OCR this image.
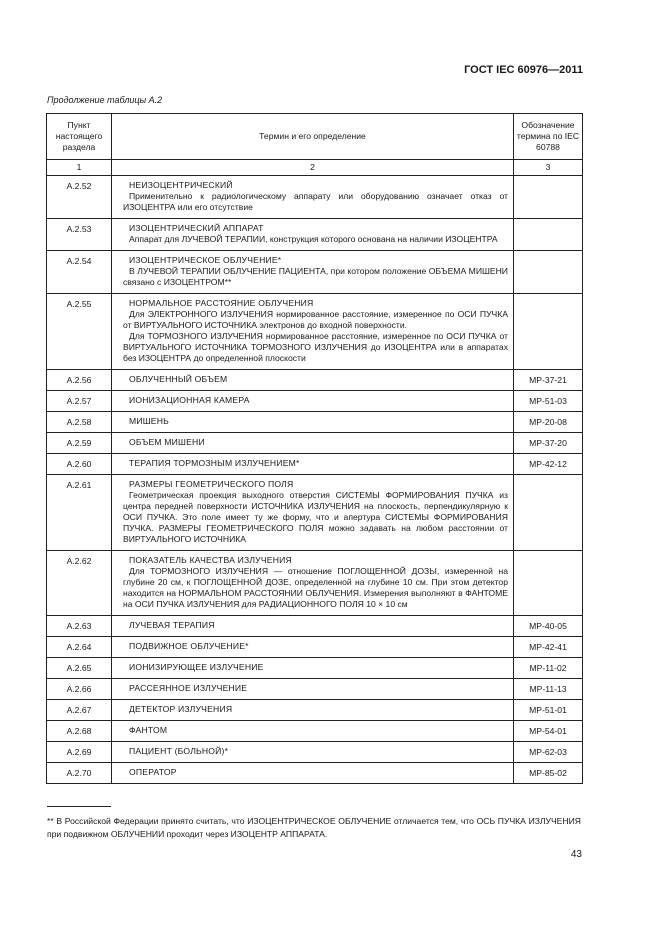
ГОСТ IEC 60976—2011
Продолжение таблицы А.2
Пункт настоящего раздела	Термин и его определение	Обозначение термина по IEC 60788
1	2	3
A.2.52	НЕИЗОЦЕНТРИЧЕСКИЙ
Применительно к радиологическому аппарату или оборудованию означает отказ от ИЗОЦЕНТРА или его отсутствие	

A.2.53	ИЗОЦЕНТРИЧЕСКИЙ АППАРАТ
Аппарат для ЛУЧЕВОЙ ТЕРАПИИ, конструкция которого основана на наличии ИЗОЦЕНТРА	

A.2.54	ИЗОЦЕНТРИЧЕСКОЕ ОБЛУЧЕНИЕ*
В ЛУЧЕВОЙ ТЕРАПИИ ОБЛУЧЕНИЕ ПАЦИЕНТА, при котором положение ОБЪЕМА МИШЕНИ связано с ИЗОЦЕНТРОМ**	

A.2.55	НОРМАЛЬНОЕ РАССТОЯНИЕ ОБЛУЧЕНИЯ
Для ЭЛЕКТРОННОГО ИЗЛУЧЕНИЯ нормированное расстояние, измеренное по ОСИ ПУЧКА от ВИРТУАЛЬНОГО ИСТОЧНИКА электронов до входной поверхности.
Для ТОРМОЗНОГО ИЗЛУЧЕНИЯ нормированное расстояние, измеренное по ОСИ ПУЧКА от ВИРТУАЛЬНОГО ИСТОЧНИКА ТОРМОЗНОГО ИЗЛУЧЕНИЯ до ИЗОЦЕНТРА или в аппаратах без ИЗОЦЕНТРА до определенной плоскости	

A.2.56	ОБЛУЧЕННЫЙ ОБЪЕМ	MP-37-21
A.2.57	ИОНИЗАЦИОННАЯ КАМЕРА	MP-51-03
A.2.58	МИШЕНЬ	MP-20-08
A.2.59	ОБЪЕМ МИШЕНИ	MP-37-20
A.2.60	ТЕРАПИЯ ТОРМОЗНЫМ ИЗЛУЧЕНИЕМ*	MP-42-12
A.2.61	РАЗМЕРЫ ГЕОМЕТРИЧЕСКОГО ПОЛЯ
Геометрическая проекция выходного отверстия СИСТЕМЫ ФОРМИРОВАНИЯ ПУЧКА из центра передней поверхности ИСТОЧНИКА ИЗЛУЧЕНИЯ на плоскость, перпендикулярную к ОСИ ПУЧКА. Это поле имеет ту же форму, что и апертура СИСТЕМЫ ФОРМИРОВАНИЯ ПУЧКА. РАЗМЕРЫ ГЕОМЕТРИЧЕСКОГО ПОЛЯ можно задавать на любом расстоянии от ВИРТУАЛЬНОГО ИСТОЧНИКА	

A.2.62	ПОКАЗАТЕЛЬ КАЧЕСТВА ИЗЛУЧЕНИЯ
Для ТОРМОЗНОГО ИЗЛУЧЕНИЯ — отношение ПОГЛОЩЕННОЙ ДОЗЫ, измеренной на глубине 20 см, к ПОГЛОЩЕННОЙ ДОЗЕ, определенной на глубине 10 см. При этом детектор находится на НОРМАЛЬНОМ РАССТОЯНИИ ОБЛУЧЕНИЯ. Измерения выполняют в ФАНТОМЕ на ОСИ ПУЧКА ИЗЛУЧЕНИЯ для РАДИАЦИОННОГО ПОЛЯ 10 × 10 см	

A.2.63	ЛУЧЕВАЯ ТЕРАПИЯ	MP-40-05
A.2.64	ПОДВИЖНОЕ ОБЛУЧЕНИЕ*	MP-42-41
A.2.65	ИОНИЗИРУЮЩЕЕ ИЗЛУЧЕНИЕ	MP-11-02
A.2.66	РАССЕЯННОЕ ИЗЛУЧЕНИЕ	MP-11-13
A.2.67	ДЕТЕКТОР ИЗЛУЧЕНИЯ	MP-51-01
A.2.68	ФАНТОМ	MP-54-01
A.2.69	ПАЦИЕНТ (БОЛЬНОЙ)*	MP-62-03
A.2.70	ОПЕРАТОР	MP-85-02
** В Российской Федерации принято считать, что ИЗОЦЕНТРИЧЕСКОЕ ОБЛУЧЕНИЕ отличается тем, что ОСЬ ПУЧКА ИЗЛУЧЕНИЯ при подвижном ОБЛУЧЕНИИ проходит через ИЗОЦЕНТР АППАРАТА.
43
